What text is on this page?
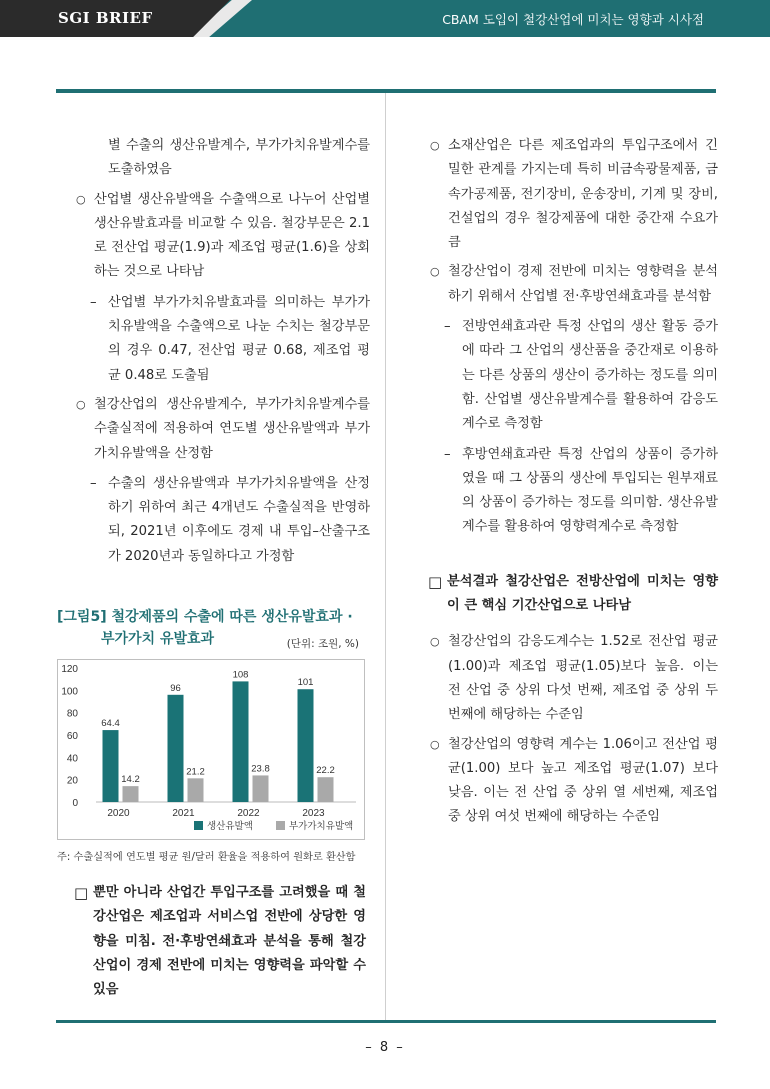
SGI BRIEF	CBAM 도입이 철강산업에 미치는 영향과 시사점
별 수출의 생산유발계수, 부가가치유발계수를 도출하였음
○ 산업별 생산유발액을 수출액으로 나누어 산업별 생산유발효과를 비교할 수 있음. 철강부문은 2.1로 전산업 평균(1.9)과 제조업 평균(1.6)을 상회하는 것으로 나타남
– 산업별 부가가치유발효과를 의미하는 부가가치유발액을 수출액으로 나눈 수치는 철강부문의 경우 0.47, 전산업 평균 0.68, 제조업 평균 0.48로 도출됨
○ 철강산업의 생산유발계수, 부가가치유발계수를 수출실적에 적용하여 연도별 생산유발액과 부가가치유발액을 산정함
– 수출의 생산유발액과 부가가치유발액을 산정하기 위하여 최근 4개년도 수출실적을 반영하되, 2021년 이후에도 경제 내 투입–산출구조가 2020년과 동일하다고 가정함
[그림5] 철강제품의 수출에 따른 생산유발효과 ·
부가가치 유발효과	(단위: 조원, %)
0
20
40
60
80
100
120
64.4
14.2
2020
96
21.2
2021
108
23.8
2022
101
22.2
2023
생산유발액	부가가치유발액
주: 수출실적에 연도별 평균 원/달러 환율을 적용하여 원화로 환산함
□ 뿐만 아니라 산업간 투입구조를 고려했을 때 철강산업은 제조업과 서비스업 전반에 상당한 영향을 미침. 전·후방연쇄효과 분석을 통해 철강산업이 경제 전반에 미치는 영향력을 파악할 수 있음
○ 소재산업은 다른 제조업과의 투입구조에서 긴밀한 관계를 가지는데 특히 비금속광물제품, 금속가공제품, 전기장비, 운송장비, 기계 및 장비, 건설업의 경우 철강제품에 대한 중간재 수요가 큼
○ 철강산업이 경제 전반에 미치는 영향력을 분석하기 위해서 산업별 전·후방연쇄효과를 분석함
– 전방연쇄효과란 특정 산업의 생산 활동 증가에 따라 그 산업의 생산품을 중간재로 이용하는 다른 상품의 생산이 증가하는 정도를 의미함. 산업별 생산유발계수를 활용하여 감응도계수로 측정함
– 후방연쇄효과란 특정 산업의 상품이 증가하였을 때 그 상품의 생산에 투입되는 원부재료의 상품이 증가하는 정도를 의미함. 생산유발계수를 활용하여 영향력계수로 측정함
□ 분석결과 철강산업은 전방산업에 미치는 영향이 큰 핵심 기간산업으로 나타남
○ 철강산업의 감응도계수는 1.52로 전산업 평균(1.00)과 제조업 평균(1.05)보다 높음. 이는 전 산업 중 상위 다섯 번째, 제조업 중 상위 두 번째에 해당하는 수준임
○ 철강산업의 영향력 계수는 1.06이고 전산업 평균(1.00) 보다 높고 제조업 평균(1.07) 보다 낮음. 이는 전 산업 중 상위 열 세번째, 제조업 중 상위 여섯 번째에 해당하는 수준임
– 8 –
